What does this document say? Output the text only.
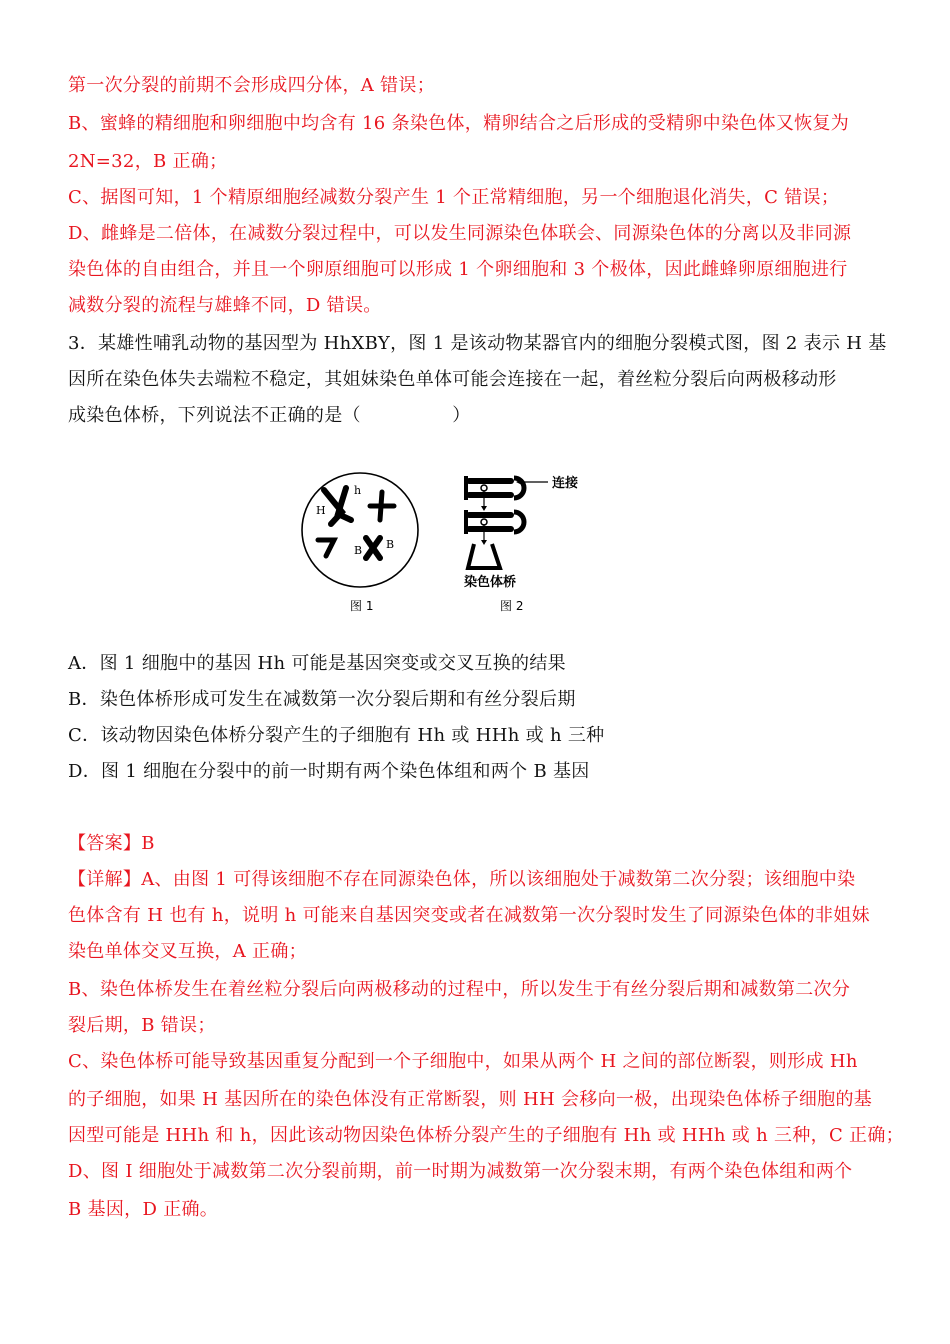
第一次分裂的前期不会形成四分体，A 错误；
B、蜜蜂的精细胞和卵细胞中均含有 16 条染色体，精卵结合之后形成的受精卵中染色体又恢复为
2N=32，B 正确；
C、据图可知，1 个精原细胞经减数分裂产生 1 个正常精细胞，另一个细胞退化消失，C 错误；
D、雌蜂是二倍体，在减数分裂过程中，可以发生同源染色体联会、同源染色体的分离以及非同源
染色体的自由组合，并且一个卵原细胞可以形成 1 个卵细胞和 3 个极体，因此雌蜂卵原细胞进行
减数分裂的流程与雄蜂不同，D 错误。
3．某雄性哺乳动物的基因型为 HhXBY，图 1 是该动物某器官内的细胞分裂模式图，图 2 表示 H 基
因所在染色体失去端粒不稳定，其姐妹染色单体可能会连接在一起，着丝粒分裂后向两极移动形
成染色体桥，下列说法不正确的是（　　　　　）
H
h
B B
图 1
连接
染色体桥
图 2
A．图 1 细胞中的基因 Hh 可能是基因突变或交叉互换的结果
B．染色体桥形成可发生在减数第一次分裂后期和有丝分裂后期
C．该动物因染色体桥分裂产生的子细胞有 Hh 或 HHh 或 h 三种
D．图 1 细胞在分裂中的前一时期有两个染色体组和两个 B 基因
【答案】B
【详解】A、由图 1 可得该细胞不存在同源染色体，所以该细胞处于减数第二次分裂；该细胞中染
色体含有 H 也有 h，说明 h 可能来自基因突变或者在减数第一次分裂时发生了同源染色体的非姐妹
染色单体交叉互换，A 正确；
B、染色体桥发生在着丝粒分裂后向两极移动的过程中，所以发生于有丝分裂后期和减数第二次分
裂后期，B 错误；
C、染色体桥可能导致基因重复分配到一个子细胞中，如果从两个 H 之间的部位断裂，则形成 Hh
的子细胞，如果 H 基因所在的染色体没有正常断裂，则 HH 会移向一极，出现染色体桥子细胞的基
因型可能是 HHh 和 h，因此该动物因染色体桥分裂产生的子细胞有 Hh 或 HHh 或 h 三种，C 正确；
D、图 I 细胞处于减数第二次分裂前期，前一时期为减数第一次分裂末期，有两个染色体组和两个
B 基因，D 正确。
